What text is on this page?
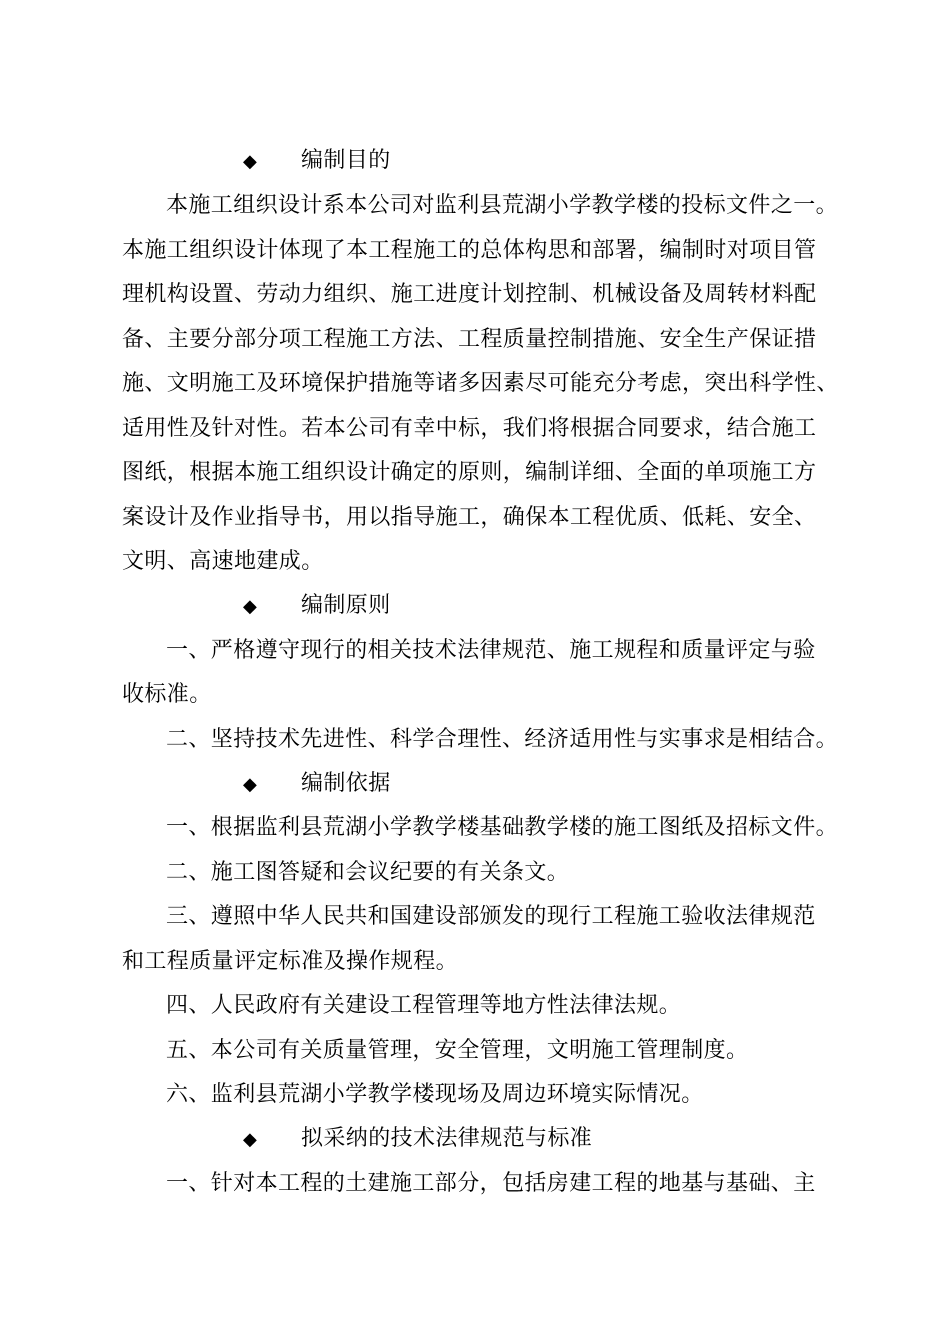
◆ 编制目的
本施工组织设计系本公司对监利县荒湖小学教学楼的投标文件之一。
本施工组织设计体现了本工程施工的总体构思和部署，编制时对项目管
理机构设置、劳动力组织、施工进度计划控制、机械设备及周转材料配
备、主要分部分项工程施工方法、工程质量控制措施、安全生产保证措
施、文明施工及环境保护措施等诸多因素尽可能充分考虑，突出科学性、
适用性及针对性。若本公司有幸中标，我们将根据合同要求，结合施工
图纸，根据本施工组织设计确定的原则，编制详细、全面的单项施工方
案设计及作业指导书，用以指导施工，确保本工程优质、低耗、安全、
文明、高速地建成。
◆ 编制原则
一、严格遵守现行的相关技术法律规范、施工规程和质量评定与验
收标准。
二、坚持技术先进性、科学合理性、经济适用性与实事求是相结合。
◆ 编制依据
一、根据监利县荒湖小学教学楼基础教学楼的施工图纸及招标文件。
二、施工图答疑和会议纪要的有关条文。
三、遵照中华人民共和国建设部颁发的现行工程施工验收法律规范
和工程质量评定标准及操作规程。
四、人民政府有关建设工程管理等地方性法律法规。
五、本公司有关质量管理，安全管理，文明施工管理制度。
六、监利县荒湖小学教学楼现场及周边环境实际情况。
◆ 拟采纳的技术法律规范与标准
一、针对本工程的土建施工部分，包括房建工程的地基与基础、主
